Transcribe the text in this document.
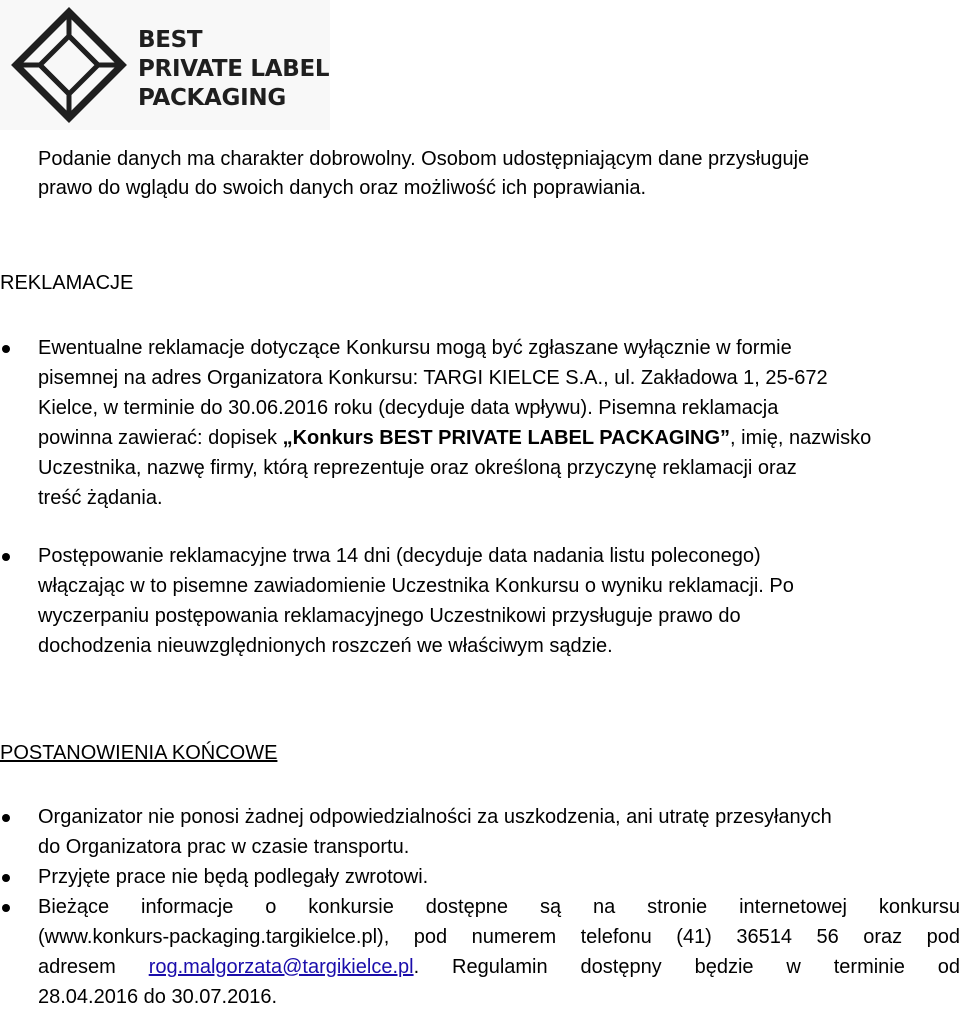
BEST
PRIVATE LABEL
PACKAGING
Podanie danych ma charakter dobrowolny. Osobom udostępniającym dane przysługuje
prawo do wglądu do swoich danych oraz możliwość ich poprawiania.
REKLAMACJE
Ewentualne reklamacje dotyczące Konkursu mogą być zgłaszane wyłącznie w formie
pisemnej na adres Organizatora Konkursu: TARGI KIELCE S.A., ul. Zakładowa 1, 25-672
Kielce, w terminie do 30.06.2016 roku (decyduje data wpływu). Pisemna reklamacja
powinna zawierać: dopisek „Konkurs BEST PRIVATE LABEL PACKAGING”, imię, nazwisko
Uczestnika, nazwę firmy, którą reprezentuje oraz określoną przyczynę reklamacji oraz
treść żądania.
Postępowanie reklamacyjne trwa 14 dni (decyduje data nadania listu poleconego)
włączając w to pisemne zawiadomienie Uczestnika Konkursu o wyniku reklamacji. Po
wyczerpaniu postępowania reklamacyjnego Uczestnikowi przysługuje prawo do
dochodzenia nieuwzględnionych roszczeń we właściwym sądzie.
POSTANOWIENIA KOŃCOWE
Organizator nie ponosi żadnej odpowiedzialności za uszkodzenia, ani utratę przesyłanych
do Organizatora prac w czasie transportu.
Przyjęte prace nie będą podlegały zwrotowi.
Bieżące informacje o konkursie dostępne są na stronie internetowej konkursu
(www.konkurs-packaging.targikielce.pl), pod numerem telefonu (41) 36514 56 oraz pod
adresem rog.malgorzata@targikielce.pl. Regulamin dostępny będzie w terminie od
28.04.2016 do 30.07.2016.
